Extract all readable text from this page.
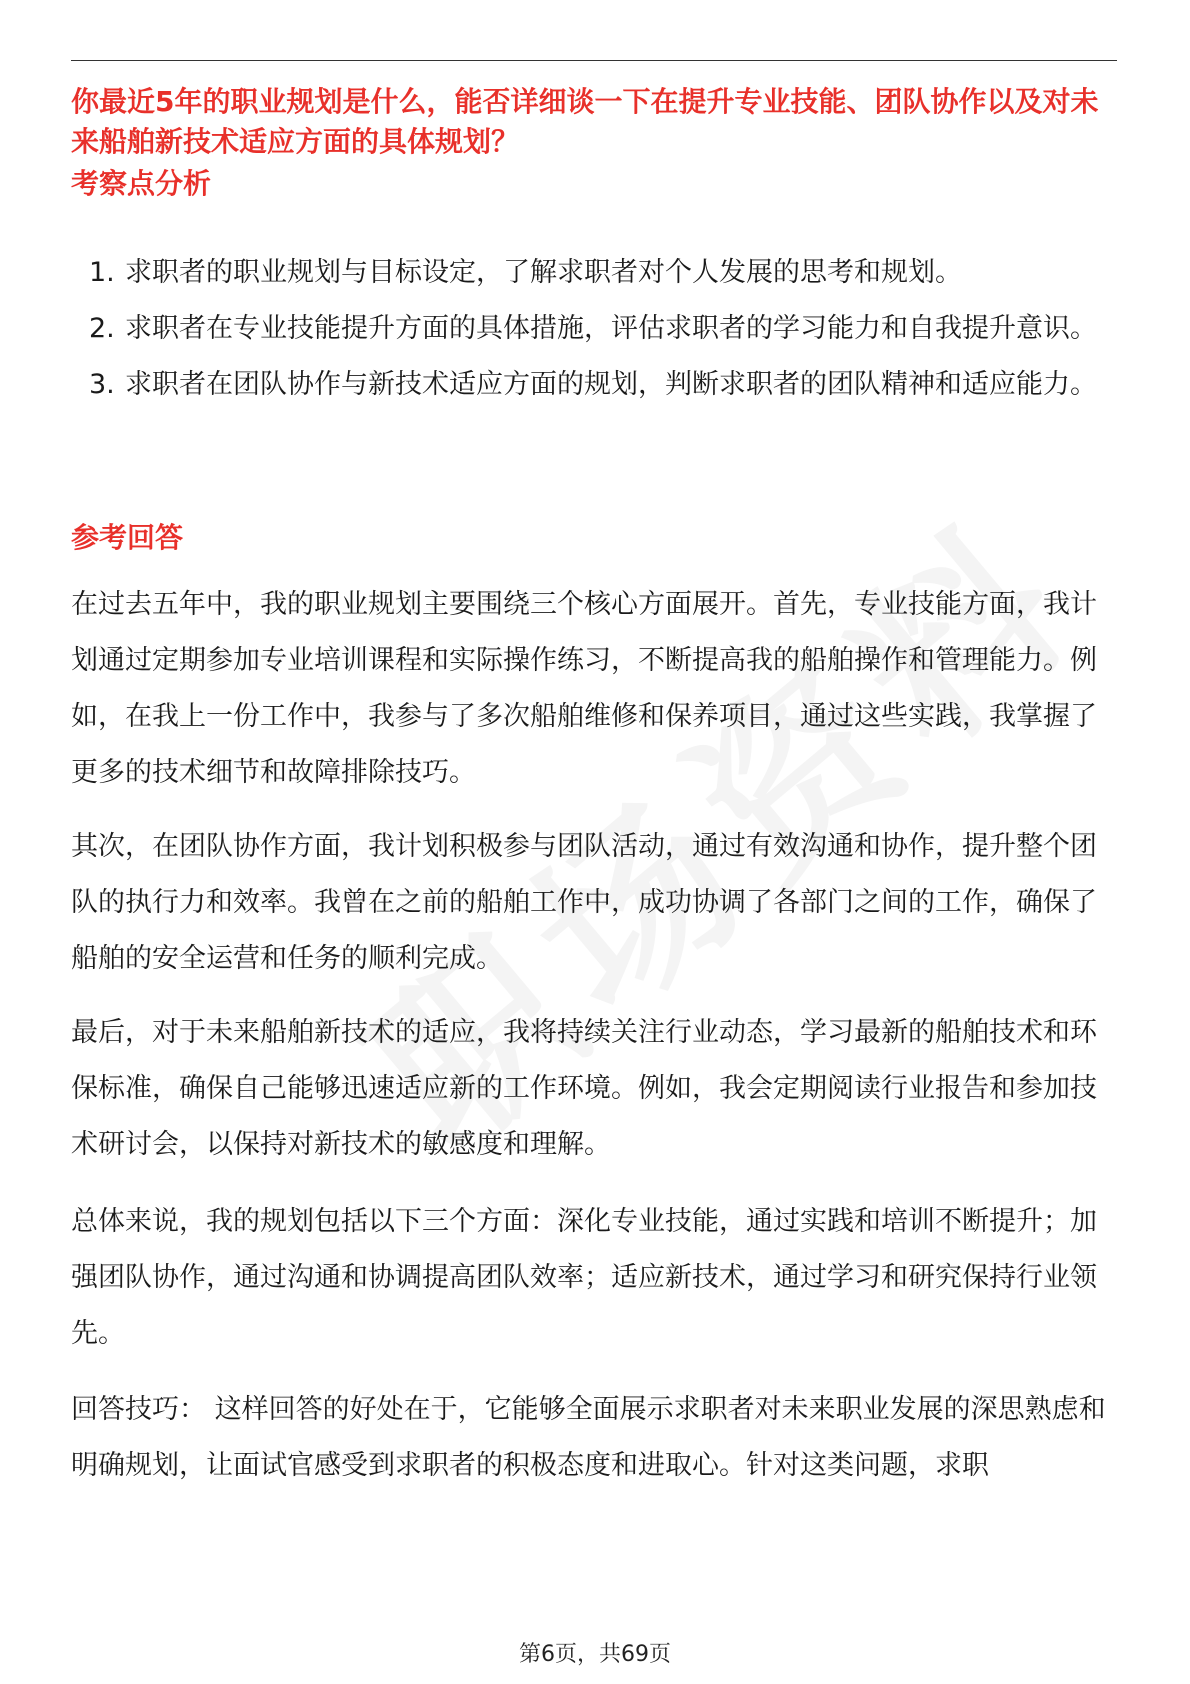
你最近5年的职业规划是什么，能否详细谈一下在提升专业技能、团队协作以及对未来船舶新技术适应方面的具体规划？
考察点分析
1. 求职者的职业规划与目标设定，了解求职者对个人发展的思考和规划。
2. 求职者在专业技能提升方面的具体措施，评估求职者的学习能力和自我提升意识。
3. 求职者在团队协作与新技术适应方面的规划，判断求职者的团队精神和适应能力。
参考回答

在过去五年中，我的职业规划主要围绕三个核心方面展开。首先，专业技能方面，我计划通过定期参加专业培训课程和实际操作练习，不断提高我的船舶操作和管理能力。例如，在我上一份工作中，我参与了多次船舶维修和保养项目，通过这些实践，我掌握了更多的技术细节和故障排除技巧。

其次，在团队协作方面，我计划积极参与团队活动，通过有效沟通和协作，提升整个团队的执行力和效率。我曾在之前的船舶工作中，成功协调了各部门之间的工作，确保了船舶的安全运营和任务的顺利完成。

最后，对于未来船舶新技术的适应，我将持续关注行业动态，学习最新的船舶技术和环保标准，确保自己能够迅速适应新的工作环境。例如，我会定期阅读行业报告和参加技术研讨会，以保持对新技术的敏感度和理解。

总体来说，我的规划包括以下三个方面：深化专业技能，通过实践和培训不断提升；加强团队协作，通过沟通和协调提高团队效率；适应新技术，通过学习和研究保持行业领先。

回答技巧： 这样回答的好处在于，它能够全面展示求职者对未来职业发展的深思熟虑和明确规划，让面试官感受到求职者的积极态度和进取心。针对这类问题，求职

第6页，共69页
